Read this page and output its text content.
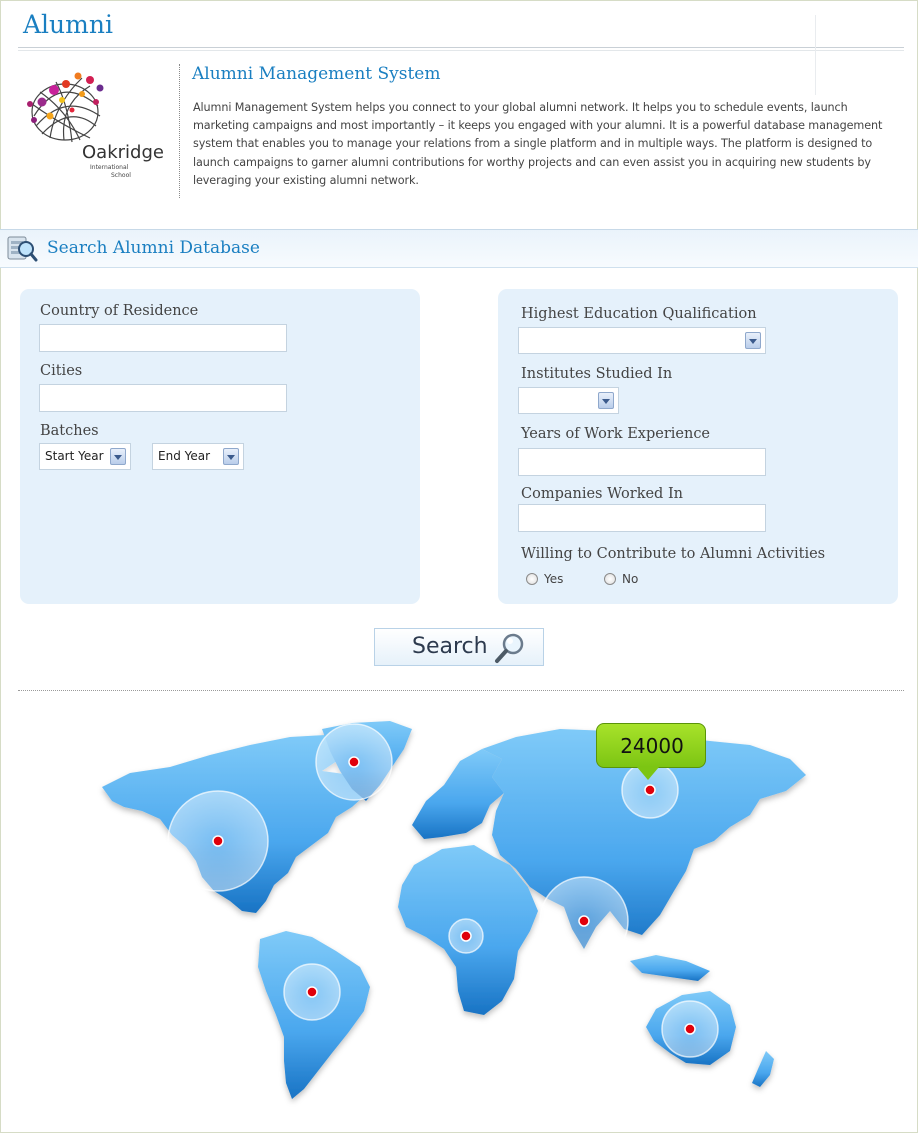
Alumni
Oakridge
International
School
Alumni Management System
Alumni Management System helps you connect to your global alumni network. It helps you to schedule events, launch marketing campaigns and most importantly – it keeps you engaged with your alumni. It is a powerful database management system that enables you to manage your relations from a single platform and in multiple ways. The platform is designed to launch campaigns to garner alumni contributions for worthy projects and can even assist you in acquiring new students by leveraging your existing alumni network.
Search Alumni Database
Country of Residence
Cities
Batches
Start Year	End Year
Highest Education Qualification
Institutes Studied In
Years of Work Experience
Companies Worked In
Willing to Contribute to Alumni Activities
Yes	No
Search
24000
